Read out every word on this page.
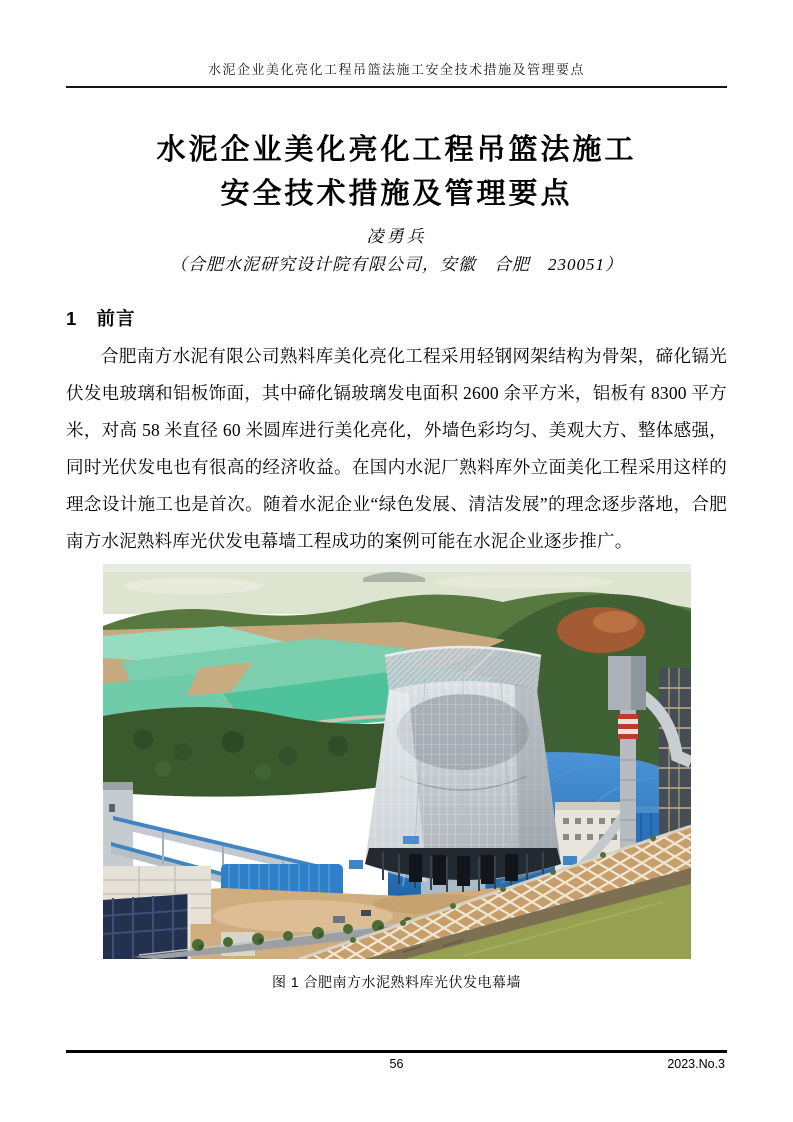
水泥企业美化亮化工程吊篮法施工安全技术措施及管理要点
水泥企业美化亮化工程吊篮法施工
安全技术措施及管理要点
凌勇兵
（合肥水泥研究设计院有限公司，安徽　合肥　230051）
1 前言

合肥南方水泥有限公司熟料库美化亮化工程采用轻钢网架结构为骨架，碲化镉光伏发电玻璃和铝板饰面，其中碲化镉玻璃发电面积 2600 余平方米，铝板有 8300 平方米，对高 58 米直径 60 米圆库进行美化亮化，外墙色彩均匀、美观大方、整体感强，同时光伏发电也有很高的经济收益。在国内水泥厂熟料库外立面美化工程采用这样的理念设计施工也是首次。随着水泥企业“绿色发展、清洁发展”的理念逐步落地，合肥南方水泥熟料库光伏发电幕墙工程成功的案例可能在水泥企业逐步推广。

图 1 合肥南方水泥熟料库光伏发电幕墙
56	2023.No.3
